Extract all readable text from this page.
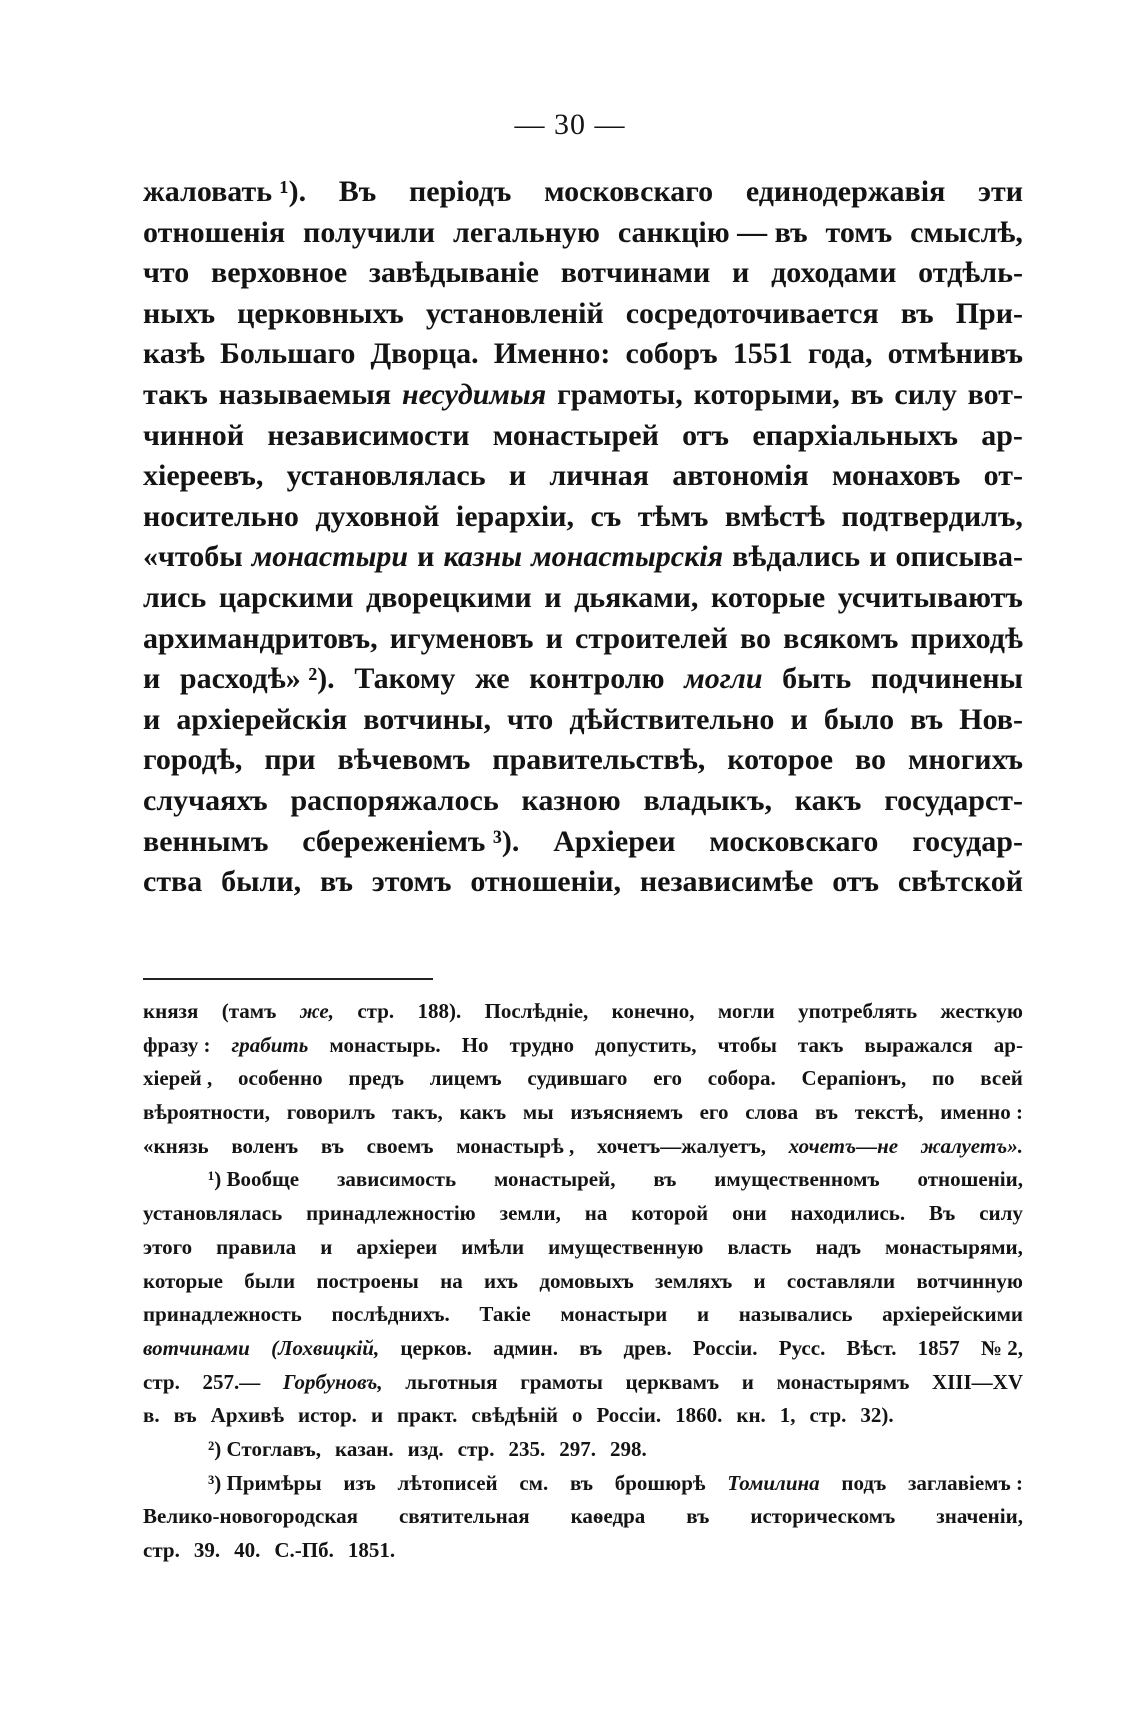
— 30 —
жаловать ¹). Въ періодъ московскаго единодержавія эти
отношенія получили легальную санкцію — въ томъ смыслѣ,
что верховное завѣдываніе вотчинами и доходами отдѣль-
ныхъ церковныхъ установленій сосредоточивается въ При-
казѣ Большаго Дворца. Именно: соборъ 1551 года, отмѣнивъ
такъ называемыя несудимыя грамоты, которыми, въ силу вот-
чинной независимости монастырей отъ епархіальныхъ ар-
хіереевъ, установлялась и личная автономія монаховъ от-
носительно духовной іерархіи, съ тѣмъ вмѣстѣ подтвердилъ,
«чтобы монастыри и казны монастырскія вѣдались и описыва-
лись царскими дворецкими и дьяками, которые усчитываютъ
архимандритовъ, игуменовъ и строителей во всякомъ приходѣ
и расходѣ» ²). Такому же контролю могли быть подчинены
и архіерейскія вотчины, что дѣйствительно и было въ Нов-
городѣ, при вѣчевомъ правительствѣ, которое во многихъ
случаяхъ распоряжалось казною владыкъ, какъ государст-
веннымъ сбереженіемъ ³). Архіереи московскаго государ-
ства были, въ этомъ отношеніи, независимѣе отъ свѣтской
князя (тамъ же, стр. 188). Послѣдніе, конечно, могли употреблять жесткую
фразу : грабить монастырь. Но трудно допустить, чтобы такъ выражался ар-
хіерей , особенно предъ лицемъ судившаго его собора. Серапіонъ, по всей
вѣроятности, говорилъ такъ, какъ мы изъясняемъ его слова въ текстѣ, именно :
«князь воленъ въ своемъ монастырѣ , хочетъ—жалуетъ, хочетъ—не жалуетъ».
¹) Вообще зависимость монастырей, въ имущественномъ отношеніи,
установлялась принадлежностію земли, на которой они находились. Въ силу
этого правила и архіереи имѣли имущественную власть надъ монастырями,
которые были построены на ихъ домовыхъ земляхъ и составляли вотчинную
принадлежность послѣднихъ. Такіе монастыри и назывались архіерейскими
вотчинами (Лохвицкій, церков. админ. въ древ. Россіи. Русс. Вѣст. 1857 № 2,
стр. 257.— Горбуновъ, льготныя грамоты церквамъ и монастырямъ XIII—XV
в. въ Архивѣ истор. и практ. свѣдѣній о Россіи. 1860. кн. 1, стр. 32).
²) Стоглавъ, казан. изд. стр. 235. 297. 298.
³) Примѣры изъ лѣтописей см. въ брошюрѣ Томилина подъ заглавіемъ :
Велико-новогородская святительная каѳедра въ историческомъ значеніи,
стр. 39. 40. С.-Пб. 1851.
